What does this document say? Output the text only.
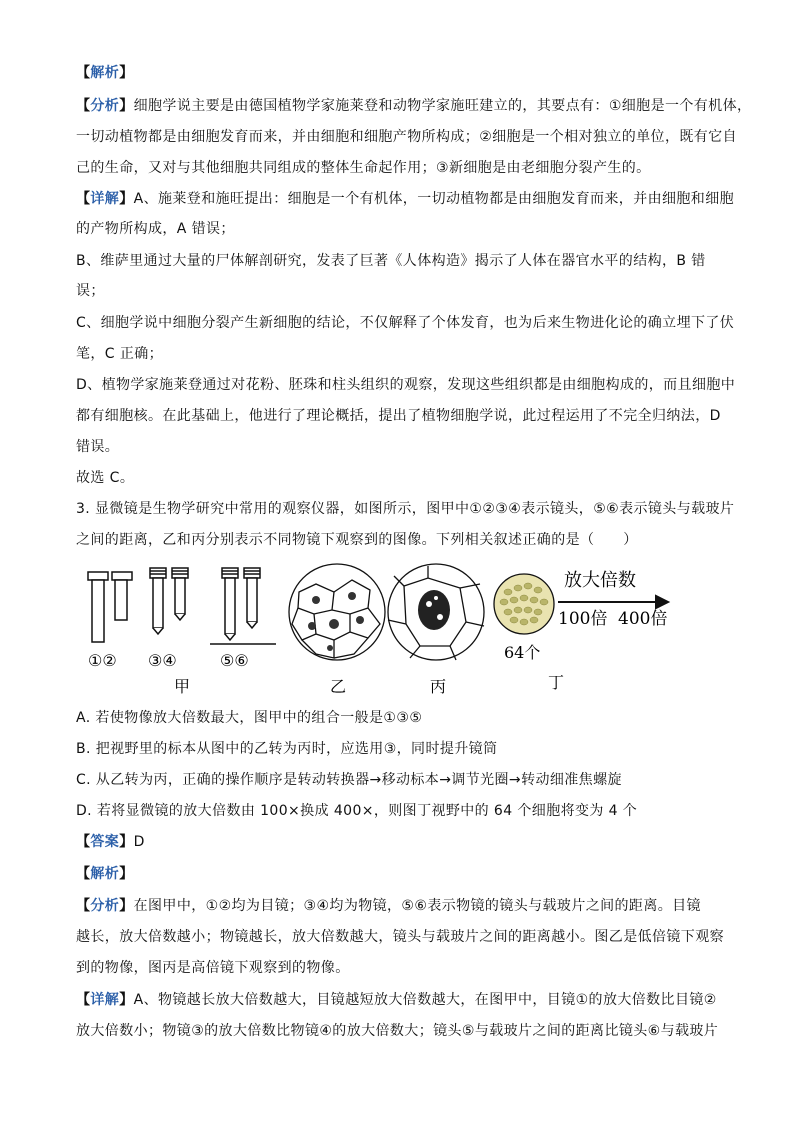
【解析】
【分析】细胞学说主要是由德国植物学家施莱登和动物学家施旺建立的，其要点有：①细胞是一个有机体，
一切动植物都是由细胞发育而来，并由细胞和细胞产物所构成；②细胞是一个相对独立的单位，既有它自
己的生命，又对与其他细胞共同组成的整体生命起作用；③新细胞是由老细胞分裂产生的。
【详解】A、施莱登和施旺提出：细胞是一个有机体，一切动植物都是由细胞发育而来，并由细胞和细胞
的产物所构成，A 错误；
B、维萨里通过大量的尸体解剖研究，发表了巨著《人体构造》揭示了人体在器官水平的结构，B 错
误；
C、细胞学说中细胞分裂产生新细胞的结论，不仅解释了个体发育，也为后来生物进化论的确立埋下了伏
笔，C 正确；
D、植物学家施莱登通过对花粉、胚珠和柱头组织的观察，发现这些组织都是由细胞构成的，而且细胞中
都有细胞核。在此基础上，他进行了理论概括，提出了植物细胞学说，此过程运用了不完全归纳法，D
错误。
故选 C。
3. 显微镜是生物学研究中常用的观察仪器，如图所示，图甲中①②③④表示镜头，⑤⑥表示镜头与载玻片
之间的距离，乙和丙分别表示不同物镜下观察到的图像。下列相关叙述正确的是（　　）
①② ③④	⑤⑥
甲	乙	丙
64个
丁
放大倍数
100倍 400倍
A. 若使物像放大倍数最大，图甲中的组合一般是①③⑤
B. 把视野里的标本从图中的乙转为丙时，应选用③，同时提升镜筒
C. 从乙转为丙，正确的操作顺序是转动转换器→移动标本→调节光圈→转动细准焦螺旋
D. 若将显微镜的放大倍数由 100×换成 400×，则图丁视野中的 64 个细胞将变为 4 个
【答案】D
【解析】
【分析】在图甲中，①②均为目镜；③④均为物镜，⑤⑥表示物镜的镜头与载玻片之间的距离。目镜
越长，放大倍数越小；物镜越长，放大倍数越大，镜头与载玻片之间的距离越小。图乙是低倍镜下观察
到的物像，图丙是高倍镜下观察到的物像。
【详解】A、物镜越长放大倍数越大，目镜越短放大倍数越大，在图甲中，目镜①的放大倍数比目镜②
放大倍数小；物镜③的放大倍数比物镜④的放大倍数大；镜头⑤与载玻片之间的距离比镜头⑥与载玻片
